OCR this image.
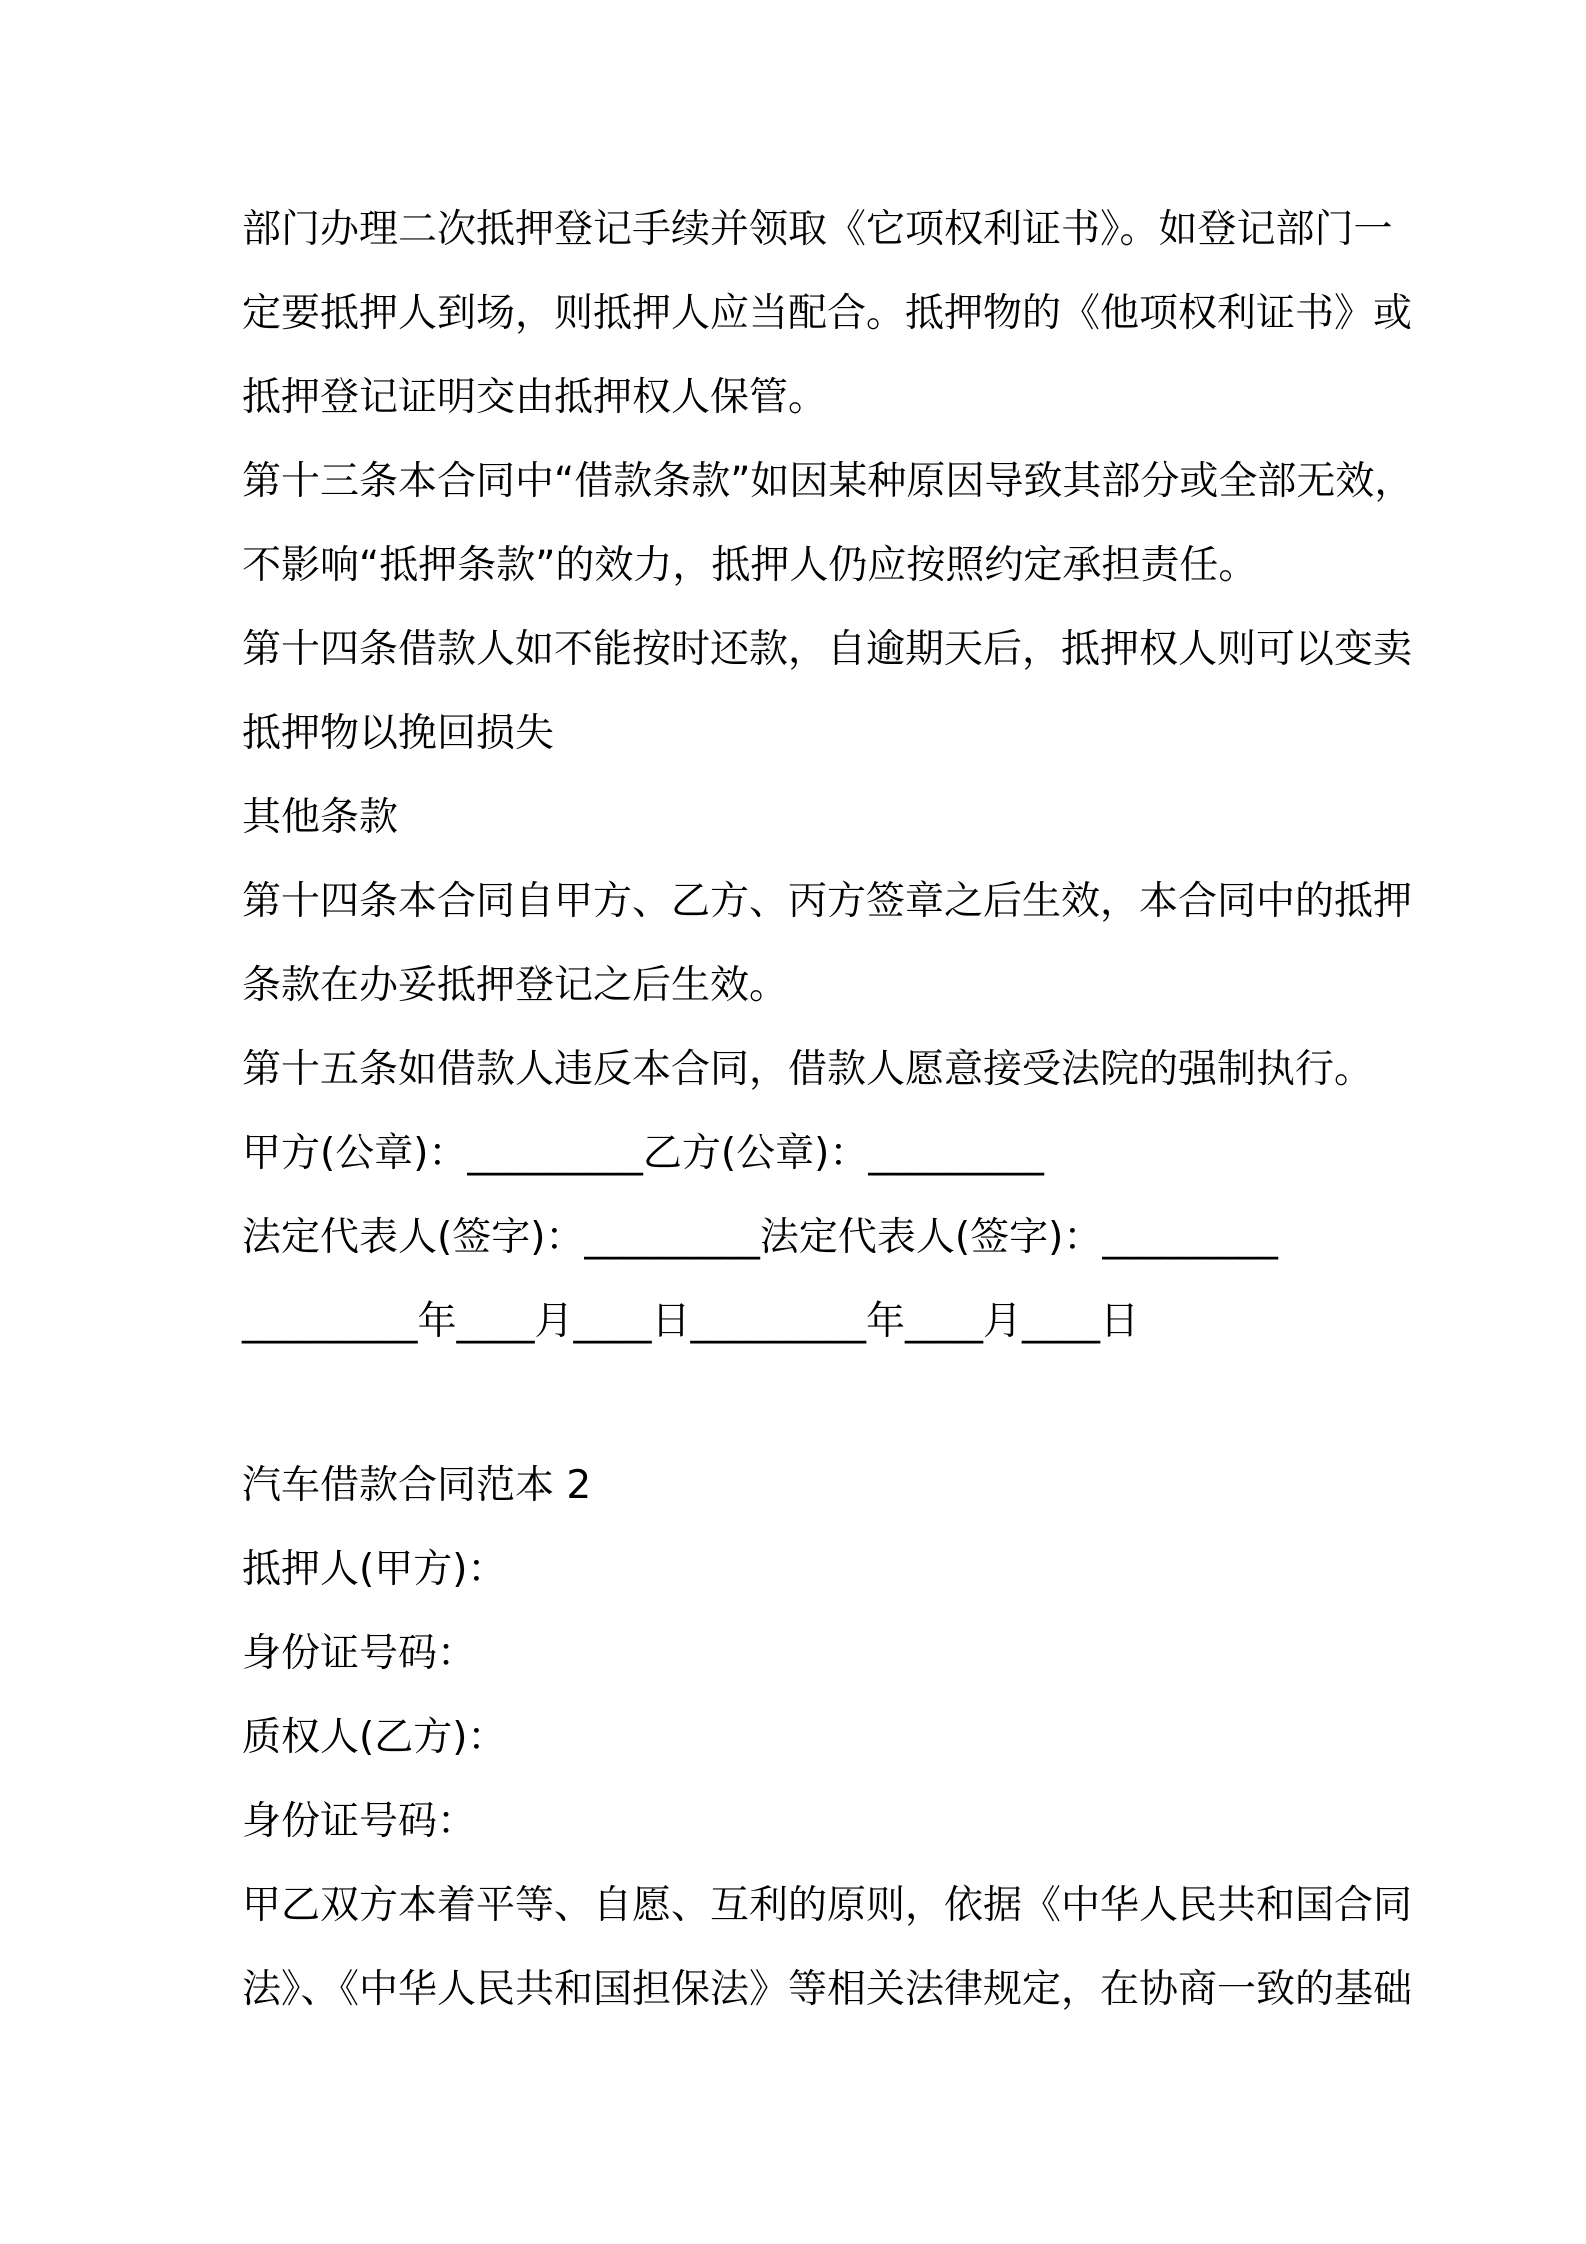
部门办理二次抵押登记手续并领取《它项权利证书》。如登记部门一
定要抵押人到场，则抵押人应当配合。抵押物的《他项权利证书》或
抵押登记证明交由抵押权人保管。
第十三条本合同中“借款条款”如因某种原因导致其部分或全部无效，
不影响“抵押条款”的效力，抵押人仍应按照约定承担责任。
第十四条借款人如不能按时还款，自逾期天后，抵押权人则可以变卖
抵押物以挽回损失
其他条款
第十四条本合同自甲方、乙方、丙方签章之后生效，本合同中的抵押
条款在办妥抵押登记之后生效。
第十五条如借款人违反本合同，借款人愿意接受法院的强制执行。
甲方(公章)：_________乙方(公章)：_________
法定代表人(签字)：_________法定代表人(签字)：_________
_________年____月____日_________年____月____日
汽车借款合同范本 2
抵押人(甲方)：
身份证号码：
质权人(乙方)：
身份证号码：
甲乙双方本着平等、自愿、互利的原则，依据《中华人民共和国合同
法》、《中华人民共和国担保法》等相关法律规定，在协商一致的基础
